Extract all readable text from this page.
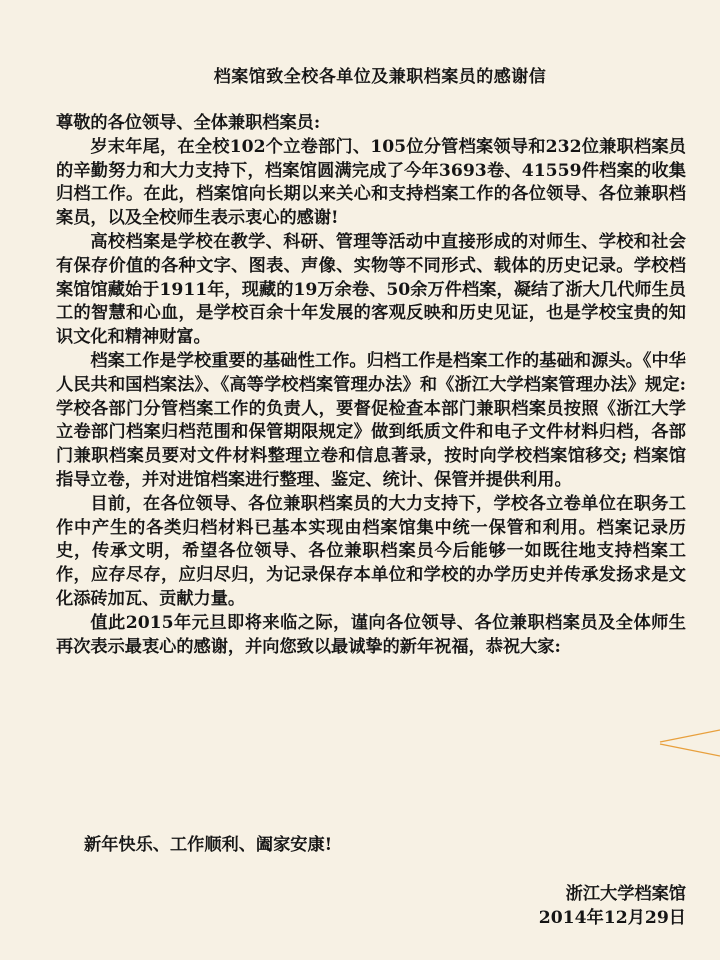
档案馆致全校各单位及兼职档案员的感谢信

尊敬的各位领导、全体兼职档案员:

岁末年尾，在全校102个立卷部门、105位分管档案领导和232位兼职档案员的辛勤努力和大力支持下，档案馆圆满完成了今年3693卷、41559件档案的收集归档工作。在此，档案馆向长期以来关心和支持档案工作的各位领导、各位兼职档案员，以及全校师生表示衷心的感谢!

高校档案是学校在教学、科研、管理等活动中直接形成的对师生、学校和社会有保存价值的各种文字、图表、声像、实物等不同形式、载体的历史记录。学校档案馆馆藏始于1911年，现藏的19万余卷、50余万件档案，凝结了浙大几代师生员工的智慧和心血，是学校百余十年发展的客观反映和历史见证，也是学校宝贵的知识文化和精神财富。

档案工作是学校重要的基础性工作。归档工作是档案工作的基础和源头。《中华人民共和国档案法》、《高等学校档案管理办法》和《浙江大学档案管理办法》规定: 学校各部门分管档案工作的负责人，要督促检查本部门兼职档案员按照《浙江大学立卷部门档案归档范围和保管期限规定》做到纸质文件和电子文件材料归档，各部门兼职档案员要对文件材料整理立卷和信息著录，按时向学校档案馆移交; 档案馆指导立卷，并对进馆档案进行整理、鉴定、统计、保管并提供利用。

目前，在各位领导、各位兼职档案员的大力支持下，学校各立卷单位在职务工作中产生的各类归档材料已基本实现由档案馆集中统一保管和利用。档案记录历史，传承文明，希望各位领导、各位兼职档案员今后能够一如既往地支持档案工作，应存尽存，应归尽归，为记录保存本单位和学校的办学历史并传承发扬求是文化添砖加瓦、贡献力量。

值此2015年元旦即将来临之际，谨向各位领导、各位兼职档案员及全体师生再次表示最衷心的感谢，并向您致以最诚挚的新年祝福，恭祝大家:

新年快乐、工作顺利、阖家安康!
浙江大学档案馆
2014年12月29日
